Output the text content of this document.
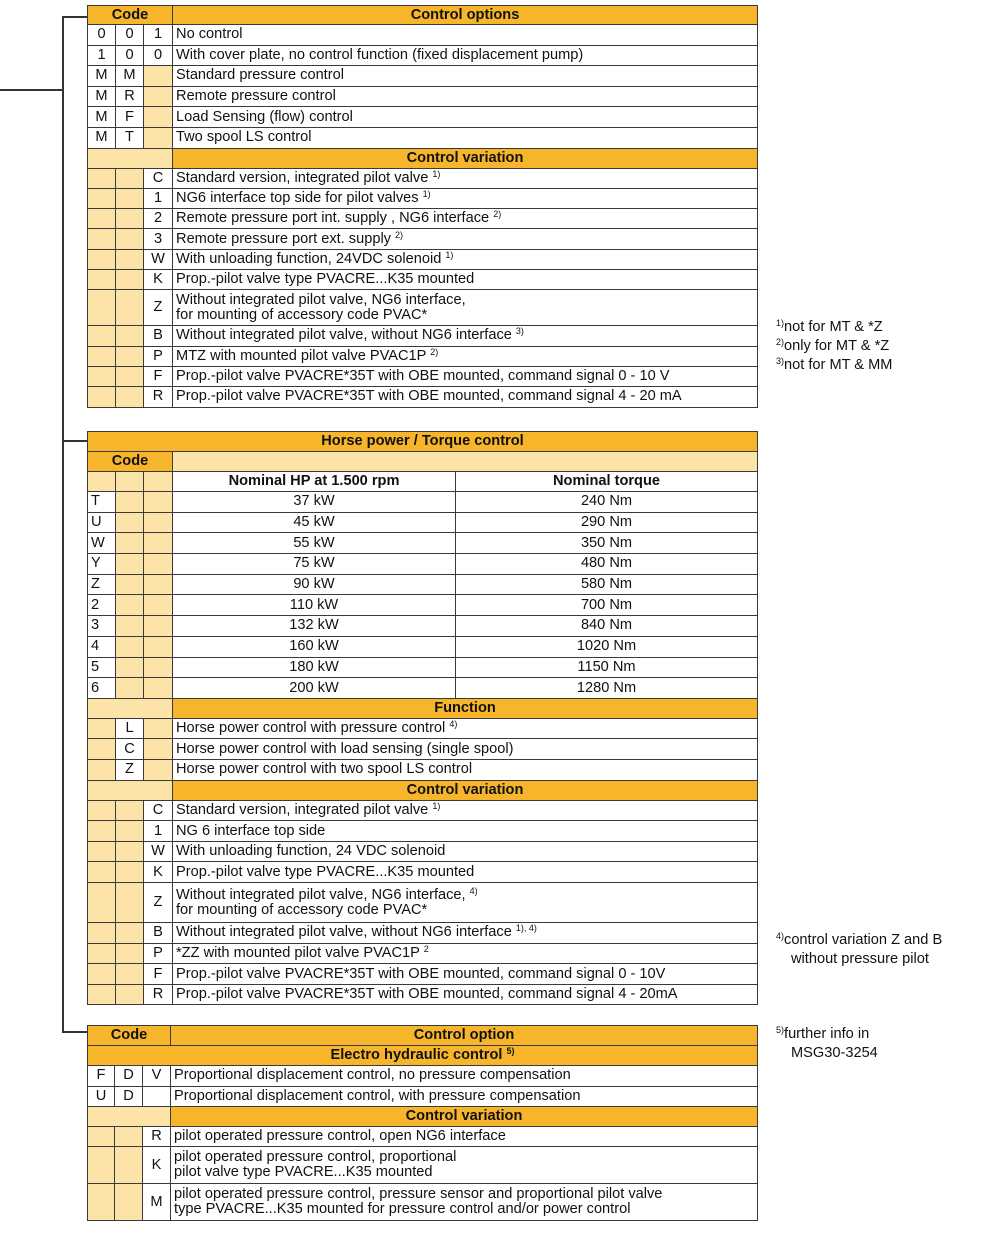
Code			Control options
0	0	1	No control
1	0	0	With cover plate, no control function (fixed displacement pump)
M	M		Standard pressure control
M	R		Remote pressure control
M	F		Load Sensing (flow) control
M	T		Two spool LS control
			Control variation
		C	Standard version, integrated pilot valve $^{1)}$
		1	NG6 interface top side for pilot valves $^{1)}$
		2	Remote pressure port int. supply , NG6 interface $^{2)}$
		3	Remote pressure port ext. supply $^{2)}$
		W	With unloading function, 24VDC solenoid $^{1)}$
		K	Prop.-pilot valve type PVACRE...K35 mounted
		Z	Without integrated pilot valve, NG6 interface,
for mounting of accessory code PVAC*
		B	Without integrated pilot valve, without NG6 interface $^{3)}$
		P	MTZ with mounted pilot valve PVAC1P $^{2)}$
		F	Prop.-pilot valve PVACRE*35T with OBE mounted, command signal 0 - 10 V
		R	Prop.-pilot valve PVACRE*35T with OBE mounted, command signal 4 - 20 mA
$^{1)}$not for MT & *Z
$^{2)}$only for MT & *Z
$^{3)}$not for MT & MM
Horse power / Torque control				
Code				
			Nominal HP at 1.500 rpm	Nominal torque
T			37 kW	240 Nm
U			45 kW	290 Nm
W			55 kW	350 Nm
Y			75 kW	480 Nm
Z			90 kW	580 Nm
2			110 kW	700 Nm
3			132 kW	840 Nm
4			160 kW	1020 Nm
5			180 kW	1150 Nm
6			200 kW	1280 Nm
			Function	
	L		Horse power control with pressure control $^{4)}$
	C		Horse power control with load sensing (single spool)	
	Z		Horse power control with two spool LS control	
			Control variation	
		C	Standard version, integrated pilot valve $^{1)}$
		1	NG 6 interface top side	
		W	With unloading function, 24 VDC solenoid	
		K	Prop.-pilot valve type PVACRE...K35 mounted	
		Z	Without integrated pilot valve, NG6 interface, $^{4)}$
for mounting of accessory code PVAC*	
		B	Without integrated pilot valve, without NG6 interface $^{1), 4)}$
		P	*ZZ with mounted pilot valve PVAC1P $^2$
		F	Prop.-pilot valve PVACRE*35T with OBE mounted, command signal 0 - 10V	
		R	Prop.-pilot valve PVACRE*35T with OBE mounted, command signal 4 - 20mA	
$^{4)}$control variation Z and B
without pressure pilot
Code			Control option
Electro hydraulic control $^{5)}$
F	D	V	Proportional displacement control, no pressure compensation
U	D		Proportional displacement control, with pressure compensation
			Control variation
		R	pilot operated pressure control, open NG6 interface
		K	pilot operated pressure control, proportional
pilot valve type PVACRE...K35 mounted
		M	pilot operated pressure control, pressure sensor and proportional pilot valve
type PVACRE...K35 mounted for pressure control and/or power control
$^{5)}$further info in
MSG30-3254
